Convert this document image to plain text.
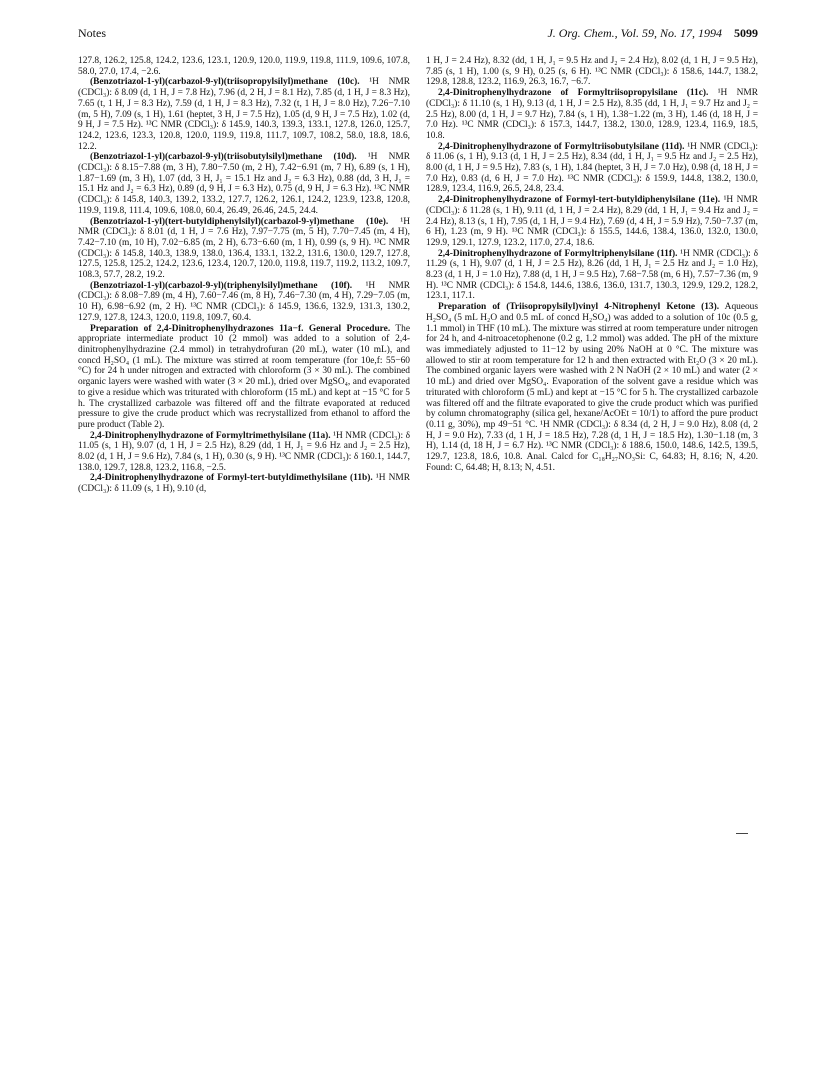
Notes	J. Org. Chem., Vol. 59, No. 17, 1994 5099

127.8, 126.2, 125.8, 124.2, 123.6, 123.1, 120.9, 120.0, 119.9, 119.8, 111.9, 109.6, 107.8, 58.0, 27.0, 17.4, −2.6.

(Benzotriazol-1-yl)(carbazol-9-yl)(triisopropylsilyl)methane (10c). ¹H NMR (CDCl₃): δ 8.09 (d, 1 H, J = 7.8 Hz), 7.96 (d, 2 H, J = 8.1 Hz), 7.85 (d, 1 H, J = 8.3 Hz), 7.65 (t, 1 H, J = 8.3 Hz), 7.59 (d, 1 H, J = 8.3 Hz), 7.32 (t, 1 H, J = 8.0 Hz), 7.26−7.10 (m, 5 H), 7.09 (s, 1 H), 1.61 (heptet, 3 H, J = 7.5 Hz), 1.05 (d, 9 H, J = 7.5 Hz), 1.02 (d, 9 H, J = 7.5 Hz). ¹³C NMR (CDCl₃): δ 145.9, 140.3, 139.3, 133.1, 127.8, 126.0, 125.7, 124.2, 123.6, 123.3, 120.8, 120.0, 119.9, 119.8, 111.7, 109.7, 108.2, 58.0, 18.8, 18.6, 12.2.

(Benzotriazol-1-yl)(carbazol-9-yl)(triisobutylsilyl)methane (10d). ¹H NMR (CDCl₃): δ 8.15−7.88 (m, 3 H), 7.80−7.50 (m, 2 H), 7.42−6.91 (m, 7 H), 6.89 (s, 1 H), 1.87−1.69 (m, 3 H), 1.07 (dd, 3 H, J₁ = 15.1 Hz and J₂ = 6.3 Hz), 0.88 (dd, 3 H, J₁ = 15.1 Hz and J₂ = 6.3 Hz), 0.89 (d, 9 H, J = 6.3 Hz), 0.75 (d, 9 H, J = 6.3 Hz). ¹³C NMR (CDCl₃): δ 145.8, 140.3, 139.2, 133.2, 127.7, 126.2, 126.1, 124.2, 123.9, 123.8, 120.8, 119.9, 119.8, 111.4, 109.6, 108.0, 60.4, 26.49, 26.46, 24.5, 24.4.

(Benzotriazol-1-yl)(tert-butyldiphenylsilyl)(carbazol-9-yl)methane (10e). ¹H NMR (CDCl₃): δ 8.01 (d, 1 H, J = 7.6 Hz), 7.97−7.75 (m, 5 H), 7.70−7.45 (m, 4 H), 7.42−7.10 (m, 10 H), 7.02−6.85 (m, 2 H), 6.73−6.60 (m, 1 H), 0.99 (s, 9 H). ¹³C NMR (CDCl₃): δ 145.8, 140.3, 138.9, 138.0, 136.4, 133.1, 132.2, 131.6, 130.0, 129.7, 127.8, 127.5, 125.8, 125.2, 124.2, 123.6, 123.4, 120.7, 120.0, 119.8, 119.7, 119.2, 113.2, 109.7, 108.3, 57.7, 28.2, 19.2.

(Benzotriazol-1-yl)(carbazol-9-yl)(triphenylsilyl)methane (10f). ¹H NMR (CDCl₃): δ 8.08−7.89 (m, 4 H), 7.60−7.46 (m, 8 H), 7.46−7.30 (m, 4 H), 7.29−7.05 (m, 10 H), 6.98−6.92 (m, 2 H). ¹³C NMR (CDCl₃): δ 145.9, 136.6, 132.9, 131.3, 130.2, 127.9, 127.8, 124.3, 120.0, 119.8, 109.7, 60.4.

Preparation of 2,4-Dinitrophenylhydrazones 11a−f. General Procedure. The appropriate intermediate product 10 (2 mmol) was added to a solution of 2,4-dinitrophenylhydrazine (2.4 mmol) in tetrahydrofuran (20 mL), water (10 mL), and concd H₂SO₄ (1 mL). The mixture was stirred at room temperature (for 10e,f: 55−60 °C) for 24 h under nitrogen and extracted with chloroform (3 × 30 mL). The combined organic layers were washed with water (3 × 20 mL), dried over MgSO₄, and evaporated to give a residue which was triturated with chloroform (15 mL) and kept at −15 °C for 5 h. The crystallized carbazole was filtered off and the filtrate evaporated at reduced pressure to give the crude product which was recrystallized from ethanol to afford the pure product (Table 2).

2,4-Dinitrophenylhydrazone of Formyltrimethylsilane (11a). ¹H NMR (CDCl₃): δ 11.05 (s, 1 H), 9.07 (d, 1 H, J = 2.5 Hz), 8.29 (dd, 1 H, J₁ = 9.6 Hz and J₂ = 2.5 Hz), 8.02 (d, 1 H, J = 9.6 Hz), 7.84 (s, 1 H), 0.30 (s, 9 H). ¹³C NMR (CDCl₃): δ 160.1, 144.7, 138.0, 129.7, 128.8, 123.2, 116.8, −2.5.

2,4-Dinitrophenylhydrazone of Formyl-tert-butyldimethylsilane (11b). ¹H NMR (CDCl₃): δ 11.09 (s, 1 H), 9.10 (d,

1 H, J = 2.4 Hz), 8.32 (dd, 1 H, J₁ = 9.5 Hz and J₂ = 2.4 Hz), 8.02 (d, 1 H, J = 9.5 Hz), 7.85 (s, 1 H), 1.00 (s, 9 H), 0.25 (s, 6 H). ¹³C NMR (CDCl₃): δ 158.6, 144.7, 138.2, 129.8, 128.8, 123.2, 116.9, 26.3, 16.7, −6.7.

2,4-Dinitrophenylhydrazone of Formyltriisopropylsilane (11c). ¹H NMR (CDCl₃): δ 11.10 (s, 1 H), 9.13 (d, 1 H, J = 2.5 Hz), 8.35 (dd, 1 H, J₁ = 9.7 Hz and J₂ = 2.5 Hz), 8.00 (d, 1 H, J = 9.7 Hz), 7.84 (s, 1 H), 1.38−1.22 (m, 3 H), 1.46 (d, 18 H, J = 7.0 Hz). ¹³C NMR (CDCl₃): δ 157.3, 144.7, 138.2, 130.0, 128.9, 123.4, 116.9, 18.5, 10.8.

2,4-Dinitrophenylhydrazone of Formyltriisobutylsilane (11d). ¹H NMR (CDCl₃): δ 11.06 (s, 1 H), 9.13 (d, 1 H, J = 2.5 Hz), 8.34 (dd, 1 H, J₁ = 9.5 Hz and J₂ = 2.5 Hz), 8.00 (d, 1 H, J = 9.5 Hz), 7.83 (s, 1 H), 1.84 (heptet, 3 H, J = 7.0 Hz), 0.98 (d, 18 H, J = 7.0 Hz), 0.83 (d, 6 H, J = 7.0 Hz). ¹³C NMR (CDCl₃): δ 159.9, 144.8, 138.2, 130.0, 128.9, 123.4, 116.9, 26.5, 24.8, 23.4.

2,4-Dinitrophenylhydrazone of Formyl-tert-butyldiphenylsilane (11e). ¹H NMR (CDCl₃): δ 11.28 (s, 1 H), 9.11 (d, 1 H, J = 2.4 Hz), 8.29 (dd, 1 H, J₁ = 9.4 Hz and J₂ = 2.4 Hz), 8.13 (s, 1 H), 7.95 (d, 1 H, J = 9.4 Hz), 7.69 (d, 4 H, J = 5.9 Hz), 7.50−7.37 (m, 6 H), 1.23 (m, 9 H). ¹³C NMR (CDCl₃): δ 155.5, 144.6, 138.4, 136.0, 132.0, 130.0, 129.9, 129.1, 127.9, 123.2, 117.0, 27.4, 18.6.

2,4-Dinitrophenylhydrazone of Formyltriphenylsilane (11f). ¹H NMR (CDCl₃): δ 11.29 (s, 1 H), 9.07 (d, 1 H, J = 2.5 Hz), 8.26 (dd, 1 H, J₁ = 2.5 Hz and J₂ = 1.0 Hz), 8.23 (d, 1 H, J = 1.0 Hz), 7.88 (d, 1 H, J = 9.5 Hz), 7.68−7.58 (m, 6 H), 7.57−7.36 (m, 9 H). ¹³C NMR (CDCl₃): δ 154.8, 144.6, 138.6, 136.0, 131.7, 130.3, 129.9, 129.2, 128.2, 123.1, 117.1.

Preparation of (Triisopropylsilyl)vinyl 4-Nitrophenyl Ketone (13). Aqueous H₂SO₄ (5 mL H₂O and 0.5 mL of concd H₂SO₄) was added to a solution of 10c (0.5 g, 1.1 mmol) in THF (10 mL). The mixture was stirred at room temperature under nitrogen for 24 h, and 4-nitroacetophenone (0.2 g, 1.2 mmol) was added. The pH of the mixture was immediately adjusted to 11−12 by using 20% NaOH at 0 °C. The mixture was allowed to stir at room temperature for 12 h and then extracted with Et₂O (3 × 20 mL). The combined organic layers were washed with 2 N NaOH (2 × 10 mL) and water (2 × 10 mL) and dried over MgSO₄. Evaporation of the solvent gave a residue which was triturated with chloroform (5 mL) and kept at −15 °C for 5 h. The crystallized carbazole was filtered off and the filtrate evaporated to give the crude product which was purified by column chromatography (silica gel, hexane/AcOEt = 10/1) to afford the pure product (0.11 g, 30%), mp 49−51 °C. ¹H NMR (CDCl₃): δ 8.34 (d, 2 H, J = 9.0 Hz), 8.08 (d, 2 H, J = 9.0 Hz), 7.33 (d, 1 H, J = 18.5 Hz), 7.28 (d, 1 H, J = 18.5 Hz), 1.30−1.18 (m, 3 H), 1.14 (d, 18 H, J = 6.7 Hz). ¹³C NMR (CDCl₃): δ 188.6, 150.0, 148.6, 142.5, 139.5, 129.7, 123.8, 18.6, 10.8. Anal. Calcd for C₁₈H₂₇NO₃Si: C, 64.83; H, 8.16; N, 4.20. Found: C, 64.48; H, 8.13; N, 4.51.
